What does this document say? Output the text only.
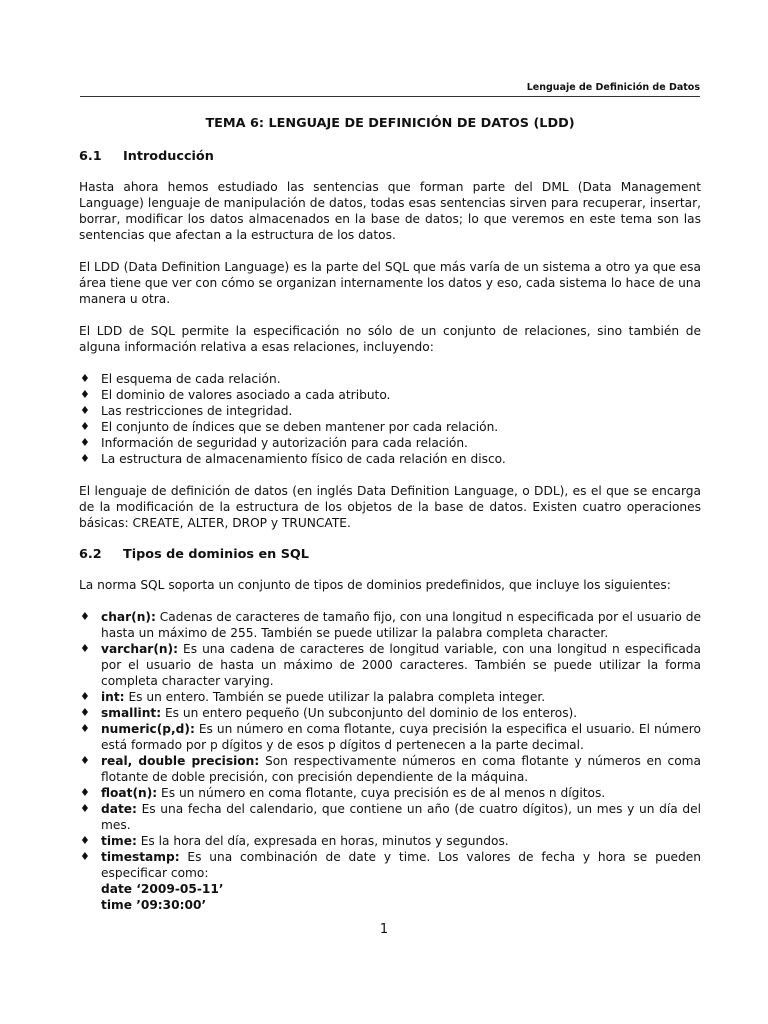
Lenguaje de Definición de Datos
TEMA 6: LENGUAJE DE DEFINICIÓN DE DATOS (LDD)
6.1 Introducción

Hasta ahora hemos estudiado las sentencias que forman parte del DML (Data Management Language) lenguaje de manipulación de datos, todas esas sentencias sirven para recuperar, insertar, borrar, modificar los datos almacenados en la base de datos; lo que veremos en este tema son las sentencias que afectan a la estructura de los datos.

El LDD (Data Definition Language) es la parte del SQL que más varía de un sistema a otro ya que esa área tiene que ver con cómo se organizan internamente los datos y eso, cada sistema lo hace de una manera u otra.

El LDD de SQL permite la especificación no sólo de un conjunto de relaciones, sino también de alguna información relativa a esas relaciones, incluyendo:

♦ El esquema de cada relación.
♦ El dominio de valores asociado a cada atributo.
♦ Las restricciones de integridad.
♦ El conjunto de índices que se deben mantener por cada relación.
♦ Información de seguridad y autorización para cada relación.
♦ La estructura de almacenamiento físico de cada relación en disco.

El lenguaje de definición de datos (en inglés Data Definition Language, o DDL), es el que se encarga de la modificación de la estructura de los objetos de la base de datos. Existen cuatro operaciones básicas: CREATE, ALTER, DROP y TRUNCATE.

6.2 Tipos de dominios en SQL

La norma SQL soporta un conjunto de tipos de dominios predefinidos, que incluye los siguientes:

♦ char(n): Cadenas de caracteres de tamaño fijo, con una longitud n especificada por el usuario de hasta un máximo de 255. También se puede utilizar la palabra completa character.
♦ varchar(n): Es una cadena de caracteres de longitud variable, con una longitud n especificada por el usuario de hasta un máximo de 2000 caracteres. También se puede utilizar la forma completa character varying.
♦ int: Es un entero. También se puede utilizar la palabra completa integer.
♦ smallint: Es un entero pequeño (Un subconjunto del dominio de los enteros).
♦ numeric(p,d): Es un número en coma flotante, cuya precisión la especifica el usuario. El número está formado por p dígitos y de esos p dígitos d pertenecen a la parte decimal.
♦ real, double precision: Son respectivamente números en coma flotante y números en coma flotante de doble precisión, con precisión dependiente de la máquina.
♦ float(n): Es un número en coma flotante, cuya precisión es de al menos n dígitos.
♦ date: Es una fecha del calendario, que contiene un año (de cuatro dígitos), un mes y un día del mes.
♦ time: Es la hora del día, expresada en horas, minutos y segundos.
♦ timestamp: Es una combinación de date y time. Los valores de fecha y hora se pueden especificar como:
date ‘2009-05-11’
time ’09:30:00’
1
